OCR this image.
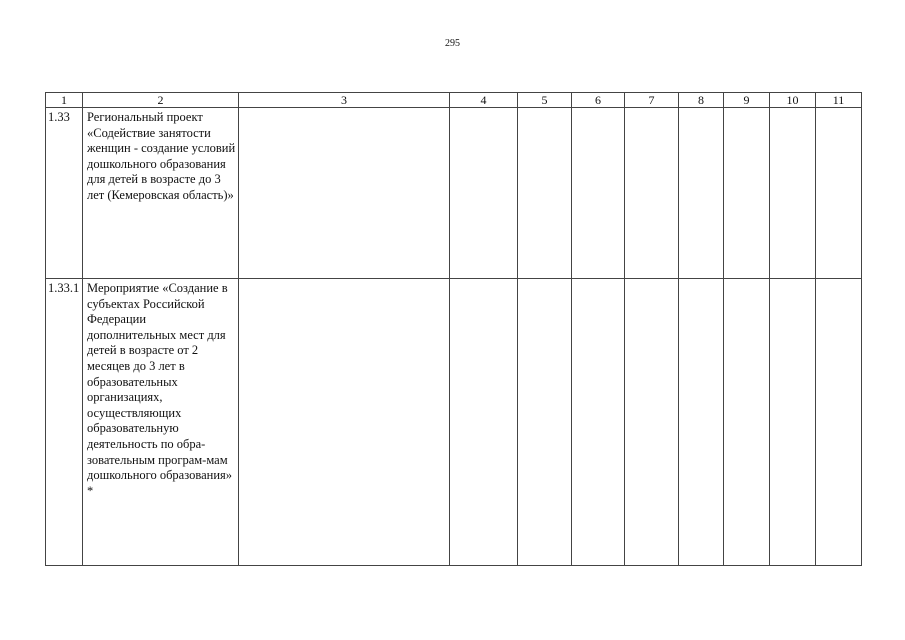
295
1	2	3	4	5	6	7	8	9	10	11
1.33	Региональный проект «Содействие занятости женщин - создание условий дошкольного образования для детей в возрасте до 3 лет (Кемеровская область)»									
1.33.1	Мероприятие «Создание в субъектах Российской Федерации дополнительных мест для детей в возрасте от 2 месяцев до 3 лет в образовательных организациях, осуществляющих образовательную деятельность по обра-зовательным програм-мам дошкольного образования» *									
